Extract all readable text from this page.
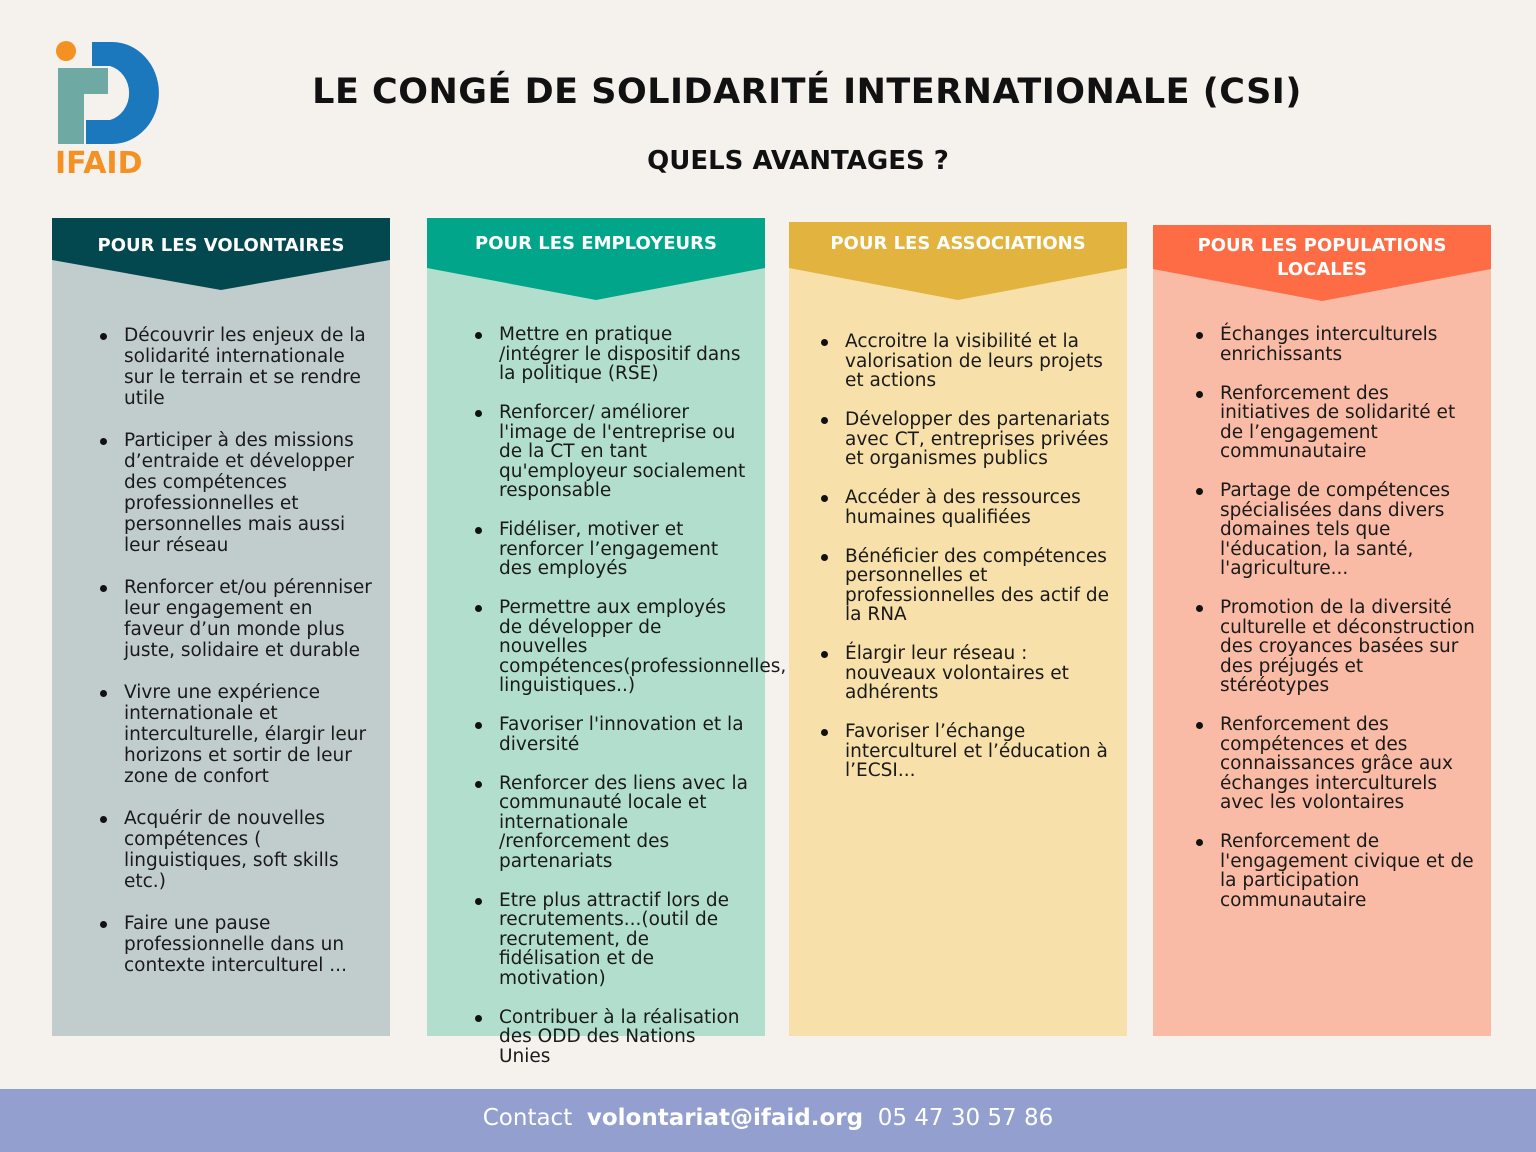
IFAID
LE CONGÉ DE SOLIDARITÉ INTERNATIONALE (CSI)
QUELS AVANTAGES ?
POUR LES VOLONTAIRES
Découvrir les enjeux de la solidarité internationale sur le terrain et se rendre utile
Participer à des missions d’entraide et développer des compétences professionnelles et personnelles mais aussi leur réseau
Renforcer et/ou pérenniser leur engagement en faveur d’un monde plus juste, solidaire et durable
Vivre une expérience internationale et interculturelle, élargir leur horizons et sortir de leur zone de confort
Acquérir de nouvelles compétences ( linguistiques, soft skills etc.)
Faire une pause professionnelle dans un contexte interculturel ...
POUR LES EMPLOYEURS
Mettre en pratique /intégrer le dispositif dans la politique (RSE)
Renforcer/ améliorer l'image de l'entreprise ou de la CT en tant qu'employeur socialement responsable
Fidéliser, motiver et renforcer l’engagement des employés
Permettre aux employés de développer de nouvelles compétences(professionnelles, linguistiques..)
Favoriser l'innovation et la diversité
Renforcer des liens avec la communauté locale et internationale /renforcement des partenariats
Etre plus attractif lors de recrutements...(outil de recrutement, de fidélisation et de motivation)
Contribuer à la réalisation des ODD des Nations Unies
POUR LES ASSOCIATIONS
Accroitre la visibilité et la valorisation de leurs projets et actions
Développer des partenariats avec CT, entreprises privées et organismes publics
Accéder à des ressources humaines qualifiées
Bénéficier des compétences personnelles et professionnelles des actif de la RNA
Élargir leur réseau : nouveaux volontaires et adhérents
Favoriser l’échange interculturel et l’éducation à l’ECSI...
POUR LES POPULATIONS LOCALES
Échanges interculturels enrichissants
Renforcement des initiatives de solidarité et de l’engagement communautaire
Partage de compétences spécialisées dans divers domaines tels que l'éducation, la santé, l'agriculture...
Promotion de la diversité culturelle et déconstruction des croyances basées sur des préjugés et stéréotypes
Renforcement des compétences et des connaissances grâce aux échanges interculturels avec les volontaires
Renforcement de l'engagement civique et de la participation communautaire
Contact volontariat@ifaid.org 05 47 30 57 86
